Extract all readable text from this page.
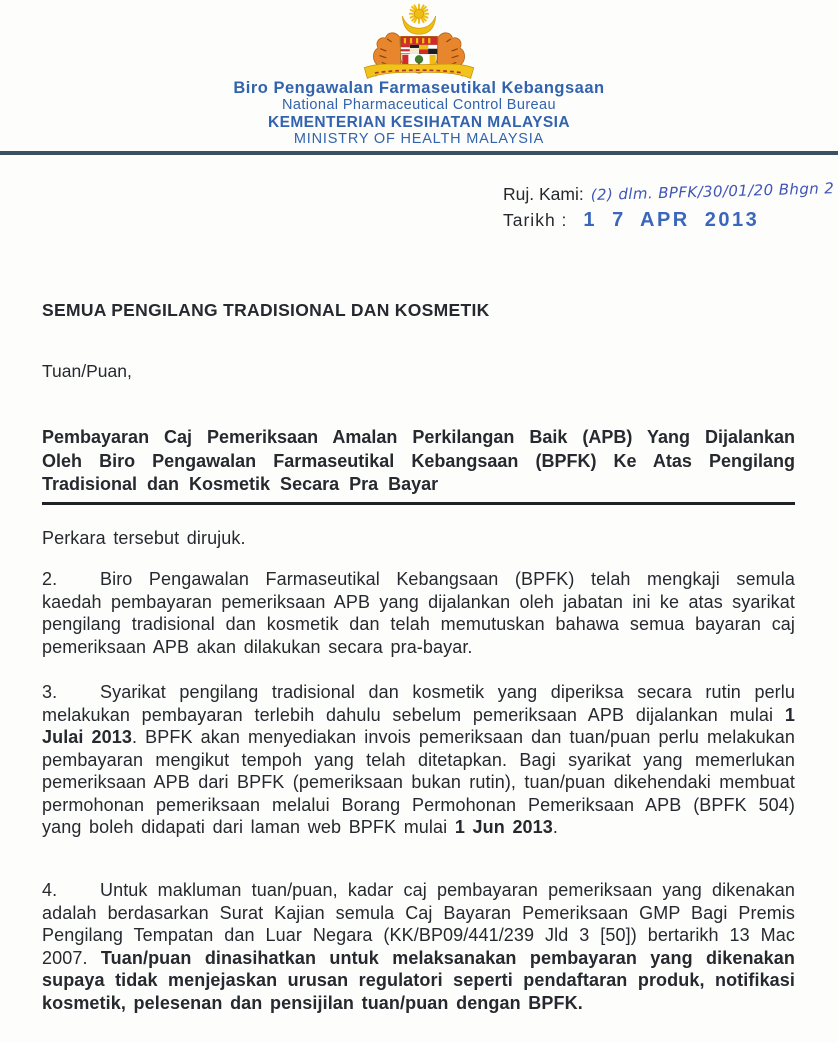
Biro Pengawalan Farmaseutikal Kebangsaan
National Pharmaceutical Control Bureau
KEMENTERIAN KESIHATAN MALAYSIA
MINISTRY OF HEALTH MALAYSIA
Ruj. Kami: (2) dlm. BPFK/30/01/20 Bhgn 2
Tarikh : 1 7 APR 2013
SEMUA PENGILANG TRADISIONAL DAN KOSMETIK
Tuan/Puan,
Pembayaran Caj Pemeriksaan Amalan Perkilangan Baik (APB) Yang Dijalankan Oleh Biro Pengawalan Farmaseutikal Kebangsaan (BPFK) Ke Atas Pengilang Tradisional dan Kosmetik Secara Pra Bayar
Perkara tersebut dirujuk.
2. Biro Pengawalan Farmaseutikal Kebangsaan (BPFK) telah mengkaji semula kaedah pembayaran pemeriksaan APB yang dijalankan oleh jabatan ini ke atas syarikat pengilang tradisional dan kosmetik dan telah memutuskan bahawa semua bayaran caj pemeriksaan APB akan dilakukan secara pra-bayar.
3. Syarikat pengilang tradisional dan kosmetik yang diperiksa secara rutin perlu melakukan pembayaran terlebih dahulu sebelum pemeriksaan APB dijalankan mulai 1 Julai 2013. BPFK akan menyediakan invois pemeriksaan dan tuan/puan perlu melakukan pembayaran mengikut tempoh yang telah ditetapkan. Bagi syarikat yang memerlukan pemeriksaan APB dari BPFK (pemeriksaan bukan rutin), tuan/puan dikehendaki membuat permohonan pemeriksaan melalui Borang Permohonan Pemeriksaan APB (BPFK 504) yang boleh didapati dari laman web BPFK mulai 1 Jun 2013.
4. Untuk makluman tuan/puan, kadar caj pembayaran pemeriksaan yang dikenakan adalah berdasarkan Surat Kajian semula Caj Bayaran Pemeriksaan GMP Bagi Premis Pengilang Tempatan dan Luar Negara (KK/BP09/441/239 Jld 3 [50]) bertarikh 13 Mac 2007. Tuan/puan dinasihatkan untuk melaksanakan pembayaran yang dikenakan supaya tidak menjejaskan urusan regulatori seperti pendaftaran produk, notifikasi kosmetik, pelesenan dan pensijilan tuan/puan dengan BPFK.
